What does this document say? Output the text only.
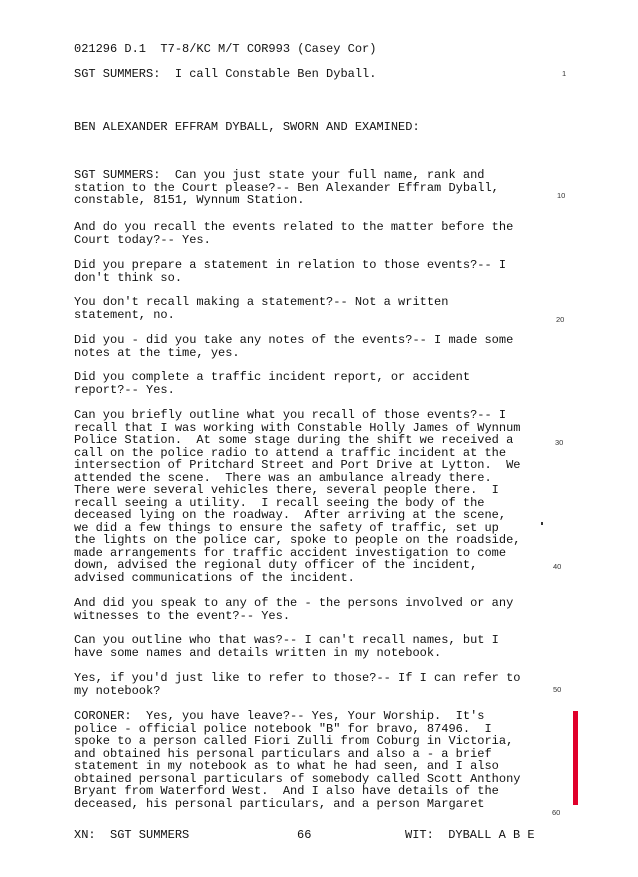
021296 D.1  T7-8/KC M/T COR993 (Casey Cor)
SGT SUMMERS:  I call Constable Ben Dyball.
BEN ALEXANDER EFFRAM DYBALL, SWORN AND EXAMINED:
SGT SUMMERS:  Can you just state your full name, rank and
station to the Court please?-- Ben Alexander Effram Dyball,
constable, 8151, Wynnum Station.
And do you recall the events related to the matter before the
Court today?-- Yes.
Did you prepare a statement in relation to those events?-- I
don't think so.
You don't recall making a statement?-- Not a written
statement, no.
Did you - did you take any notes of the events?-- I made some
notes at the time, yes.
Did you complete a traffic incident report, or accident
report?-- Yes.
Can you briefly outline what you recall of those events?-- I
recall that I was working with Constable Holly James of Wynnum
Police Station.  At some stage during the shift we received a
call on the police radio to attend a traffic incident at the
intersection of Pritchard Street and Port Drive at Lytton.  We
attended the scene.  There was an ambulance already there.
There were several vehicles there, several people there.  I
recall seeing a utility.  I recall seeing the body of the
deceased lying on the roadway.  After arriving at the scene,
we did a few things to ensure the safety of traffic, set up
the lights on the police car, spoke to people on the roadside,
made arrangements for traffic accident investigation to come
down, advised the regional duty officer of the incident,
advised communications of the incident.
And did you speak to any of the - the persons involved or any
witnesses to the event?-- Yes.
Can you outline who that was?-- I can't recall names, but I
have some names and details written in my notebook.
Yes, if you'd just like to refer to those?-- If I can refer to
my notebook?
CORONER:  Yes, you have leave?-- Yes, Your Worship.  It's
police - official police notebook "B" for bravo, 87496.  I
spoke to a person called Fiori Zulli from Coburg in Victoria,
and obtained his personal particulars and also a - a brief
statement in my notebook as to what he had seen, and I also
obtained personal particulars of somebody called Scott Anthony
Bryant from Waterford West.  And I also have details of the
deceased, his personal particulars, and a person Margaret
1
10
20
30
40
50
60
XN:  SGT SUMMERS	66	WIT:  DYBALL A B E
